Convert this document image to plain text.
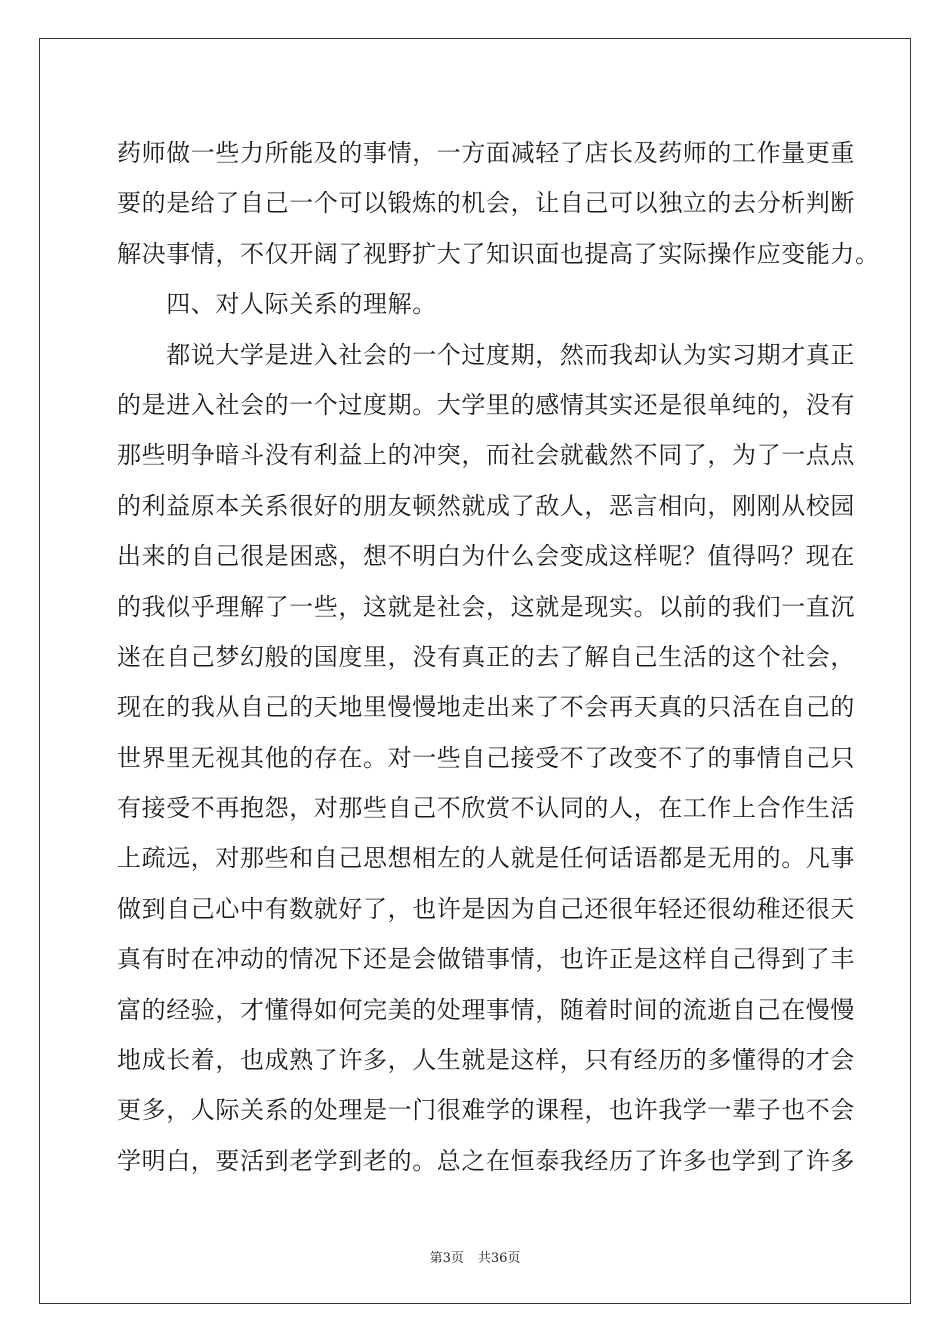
药师做一些力所能及的事情，一方面减轻了店长及药师的工作量更重
要的是给了自己一个可以锻炼的机会，让自己可以独立的去分析判断
解决事情，不仅开阔了视野扩大了知识面也提高了实际操作应变能力。
　　四、对人际关系的理解。
　　都说大学是进入社会的一个过度期，然而我却认为实习期才真正
的是进入社会的一个过度期。大学里的感情其实还是很单纯的，没有
那些明争暗斗没有利益上的冲突，而社会就截然不同了，为了一点点
的利益原本关系很好的朋友顿然就成了敌人，恶言相向，刚刚从校园
出来的自己很是困惑，想不明白为什么会变成这样呢？值得吗？现在
的我似乎理解了一些，这就是社会，这就是现实。以前的我们一直沉
迷在自己梦幻般的国度里，没有真正的去了解自己生活的这个社会，
现在的我从自己的天地里慢慢地走出来了不会再天真的只活在自己的
世界里无视其他的存在。对一些自己接受不了改变不了的事情自己只
有接受不再抱怨，对那些自己不欣赏不认同的人，在工作上合作生活
上疏远，对那些和自己思想相左的人就是任何话语都是无用的。凡事
做到自己心中有数就好了，也许是因为自己还很年轻还很幼稚还很天
真有时在冲动的情况下还是会做错事情，也许正是这样自己得到了丰
富的经验，才懂得如何完美的处理事情，随着时间的流逝自己在慢慢
地成长着，也成熟了许多，人生就是这样，只有经历的多懂得的才会
更多，人际关系的处理是一门很难学的课程，也许我学一辈子也不会
学明白，要活到老学到老的。总之在恒泰我经历了许多也学到了许多
第3页 共36页
